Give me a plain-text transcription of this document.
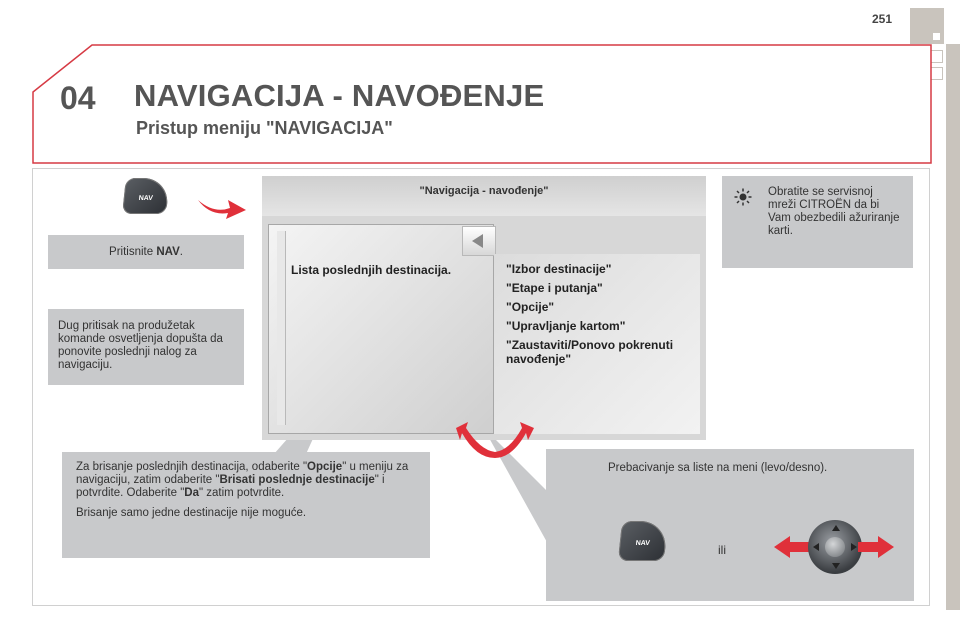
251
04 NAVIGACIJA - NAVOĐENJE
Pristup meniju "NAVIGACIJA"
NAV
Pritisnite NAV.
Dug pritisak na produžetak komande osvetljenja dopušta da ponovite poslednji nalog za navigaciju.

Za brisanje poslednjih destinacija, odaberite "Opcije" u meniju za navigaciju, zatim odaberite "Brisati poslednje destinacije" i potvrdite. Odaberite "Da" zatim potvrdite.

Brisanje samo jedne destinacije nije moguće.

Obratite se servisnoj mreži CITROËN da bi Vam obezbedili ažuriranje karti.
Prebacivanje sa liste na meni (levo/desno).
NAV	ili
"Navigacija - navođenje"
Lista poslednjih destinacija.	"Izbor destinacije"
"Etape i putanja"
"Opcije"
"Upravljanje kartom"
"Zaustaviti/Ponovo pokrenuti navođenje"
